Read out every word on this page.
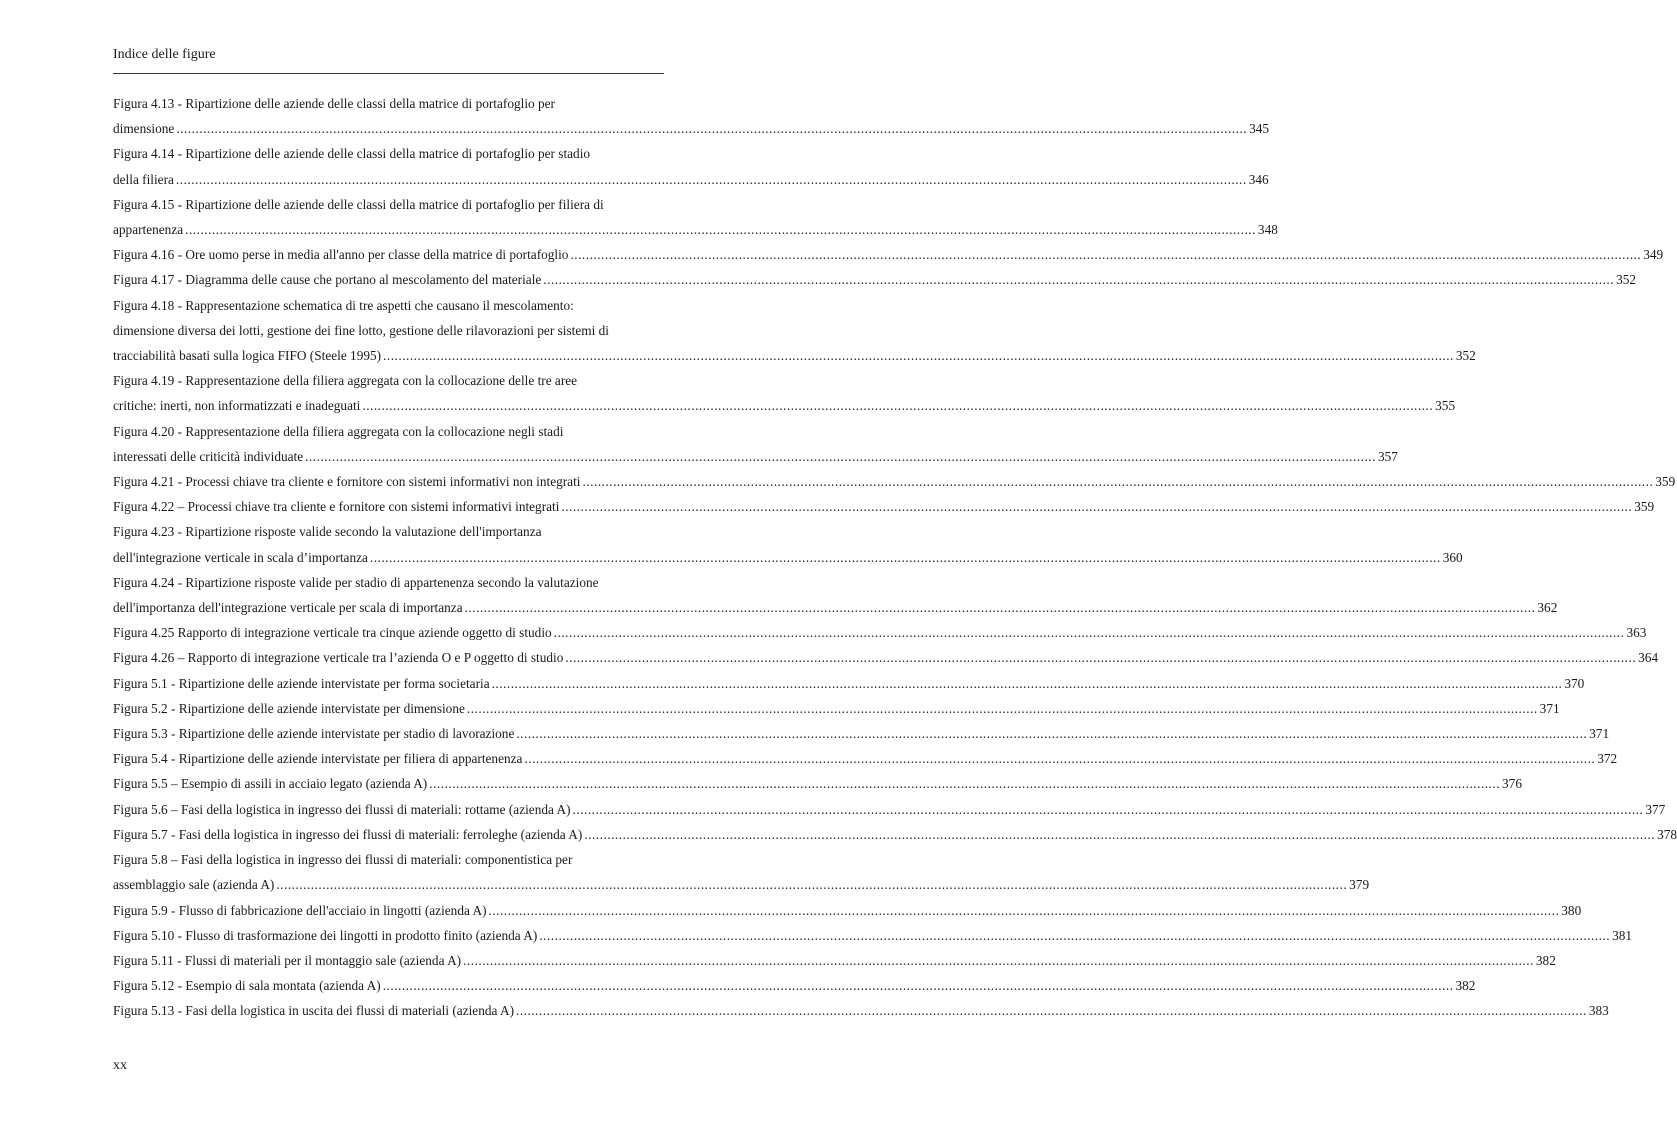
Indice delle figure
Figura 4.13 - Ripartizione delle aziende delle classi della matrice di portafoglio per
dimensione .....	345
Figura 4.14 - Ripartizione delle aziende delle classi della matrice di portafoglio per stadio
della filiera .....	346
Figura 4.15 - Ripartizione delle aziende delle classi della matrice di portafoglio per filiera di
appartenenza .....	348
Figura 4.16 - Ore uomo perse in media all'anno per classe della matrice di portafoglio .....	349
Figura 4.17 - Diagramma delle cause che portano al mescolamento del materiale .....	352
Figura 4.18 - Rappresentazione schematica di tre aspetti che causano il mescolamento:
dimensione diversa dei lotti, gestione dei fine lotto, gestione delle rilavorazioni per sistemi di
tracciabilità basati sulla logica FIFO (Steele 1995) .....	352
Figura 4.19 - Rappresentazione della filiera aggregata con la collocazione delle tre aree
critiche: inerti, non informatizzati e inadeguati .....	355
Figura 4.20 - Rappresentazione della filiera aggregata con la collocazione negli stadi
interessati delle criticità individuate .....	357
Figura 4.21 - Processi chiave tra cliente e fornitore con sistemi informativi non integrati .....	359
Figura 4.22 – Processi chiave tra cliente e fornitore con sistemi informativi integrati .....	359
Figura 4.23 - Ripartizione risposte valide secondo la valutazione dell'importanza
dell'integrazione verticale in scala d’importanza .....	360
Figura 4.24 - Ripartizione risposte valide per stadio di appartenenza secondo la valutazione
dell'importanza dell'integrazione verticale per scala di importanza .....	362
Figura 4.25 Rapporto di integrazione verticale tra cinque aziende oggetto di studio .....	363
Figura 4.26 – Rapporto di integrazione verticale tra l’azienda O e P oggetto di studio .....	364
Figura 5.1 - Ripartizione delle aziende intervistate per forma societaria .....	370
Figura 5.2 - Ripartizione delle aziende intervistate per dimensione .....	371
Figura 5.3 - Ripartizione delle aziende intervistate per stadio di lavorazione .....	371
Figura 5.4 - Ripartizione delle aziende intervistate per filiera di appartenenza .....	372
Figura 5.5 – Esempio di assili in acciaio legato (azienda A) .....	376
Figura 5.6 – Fasi della logistica in ingresso dei flussi di materiali: rottame (azienda A) .....	377
Figura 5.7 - Fasi della logistica in ingresso dei flussi di materiali: ferroleghe (azienda A) .....	378
Figura 5.8 – Fasi della logistica in ingresso dei flussi di materiali: componentistica per
assemblaggio sale (azienda A) .....	379
Figura 5.9 - Flusso di fabbricazione dell'acciaio in lingotti (azienda A) .....	380
Figura 5.10 - Flusso di trasformazione dei lingotti in prodotto finito (azienda A) .....	381
Figura 5.11 - Flussi di materiali per il montaggio sale (azienda A) .....	382
Figura 5.12 - Esempio di sala montata (azienda A) .....	382
Figura 5.13 - Fasi della logistica in uscita dei flussi di materiali (azienda A) .....	383
xx
